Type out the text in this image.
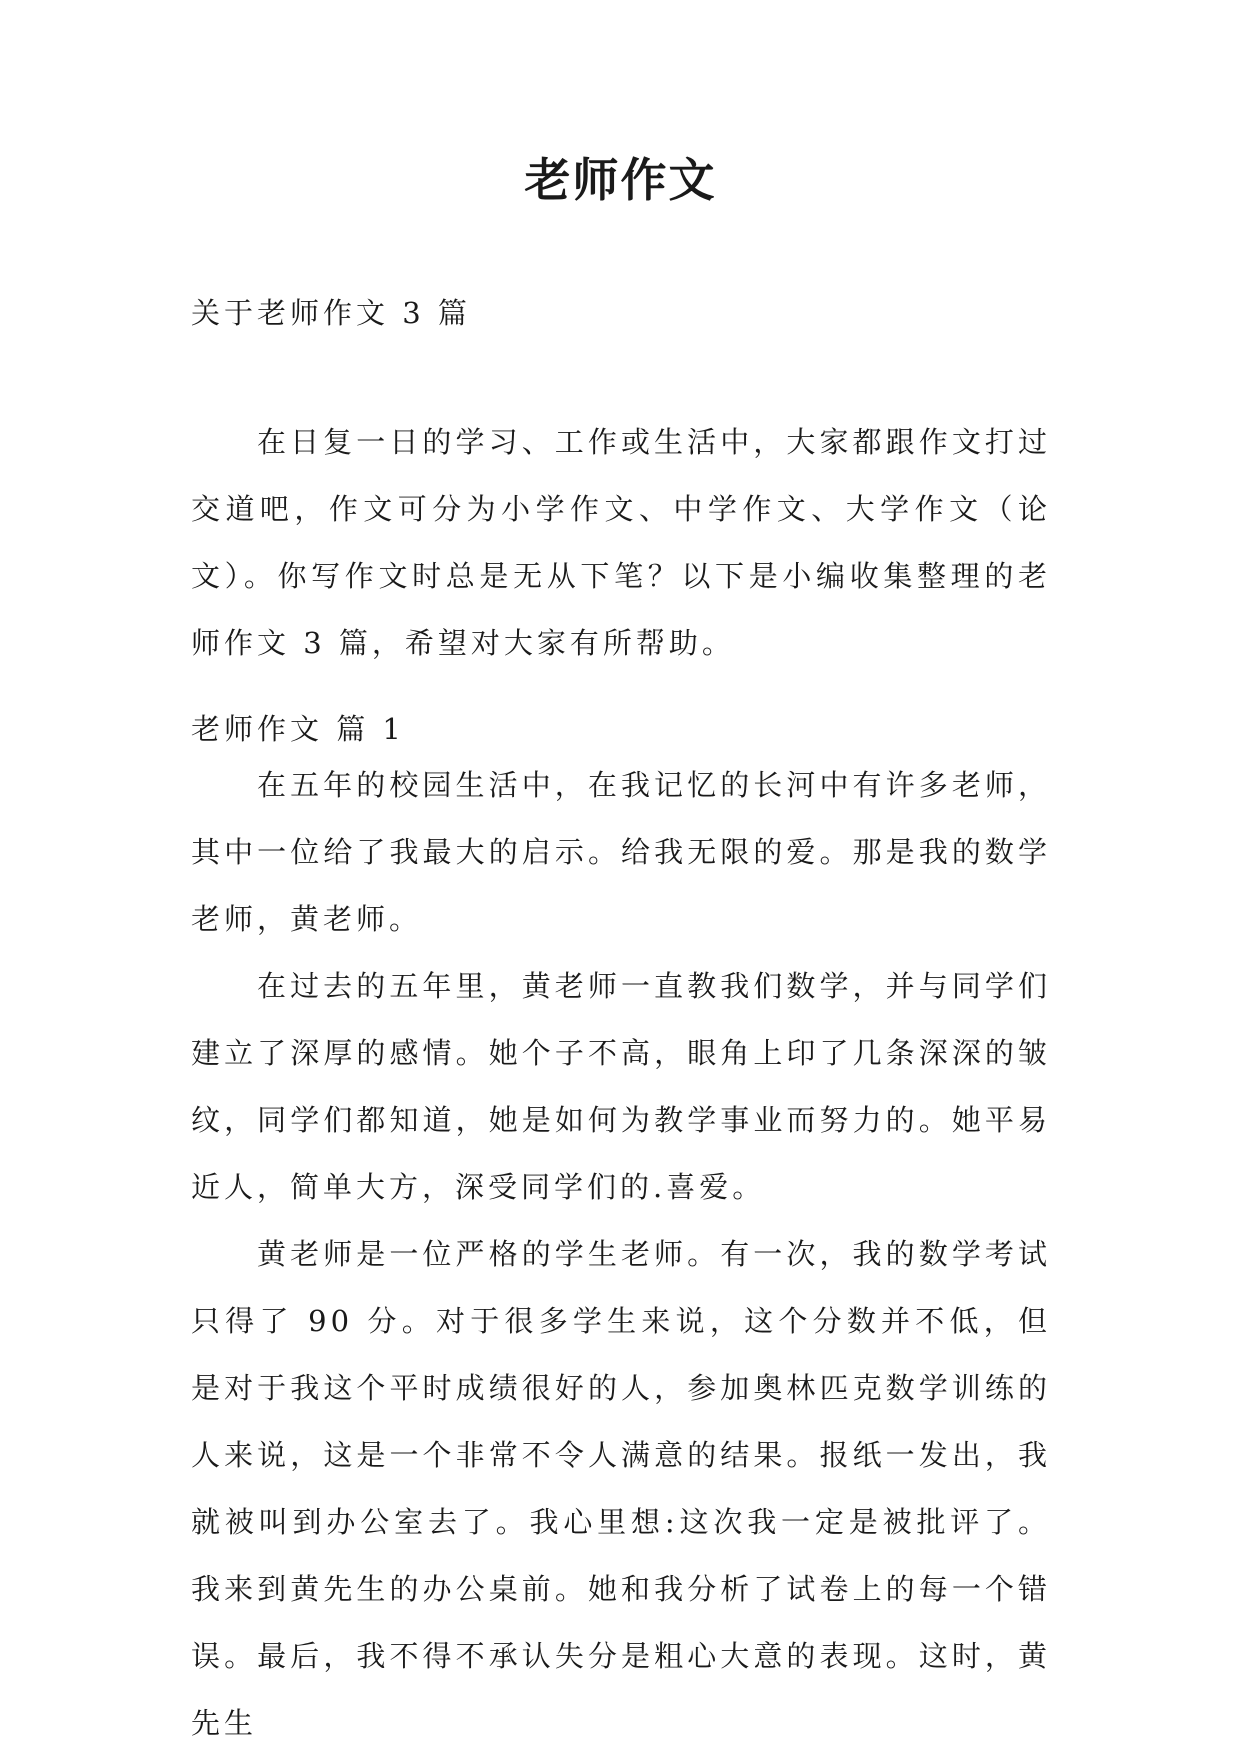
老师作文
关于老师作文 3 篇

在日复一日的学习、工作或生活中，大家都跟作文打过交道吧，作文可分为小学作文、中学作文、大学作文（论文）。你写作文时总是无从下笔？以下是小编收集整理的老师作文 3 篇，希望对大家有所帮助。

老师作文 篇 1

在五年的校园生活中，在我记忆的长河中有许多老师，其中一位给了我最大的启示。给我无限的爱。那是我的数学老师，黄老师。

在过去的五年里，黄老师一直教我们数学，并与同学们建立了深厚的感情。她个子不高，眼角上印了几条深深的皱纹，同学们都知道，她是如何为教学事业而努力的。她平易近人，简单大方，深受同学们的.喜爱。

黄老师是一位严格的学生老师。有一次，我的数学考试只得了 90 分。对于很多学生来说，这个分数并不低，但是对于我这个平时成绩很好的人，参加奥林匹克数学训练的人来说，这是一个非常不令人满意的结果。报纸一发出，我就被叫到办公室去了。我心里想:这次我一定是被批评了。我来到黄先生的办公桌前。她和我分析了试卷上的每一个错误。最后，我不得不承认失分是粗心大意的表现。这时，黄先生
